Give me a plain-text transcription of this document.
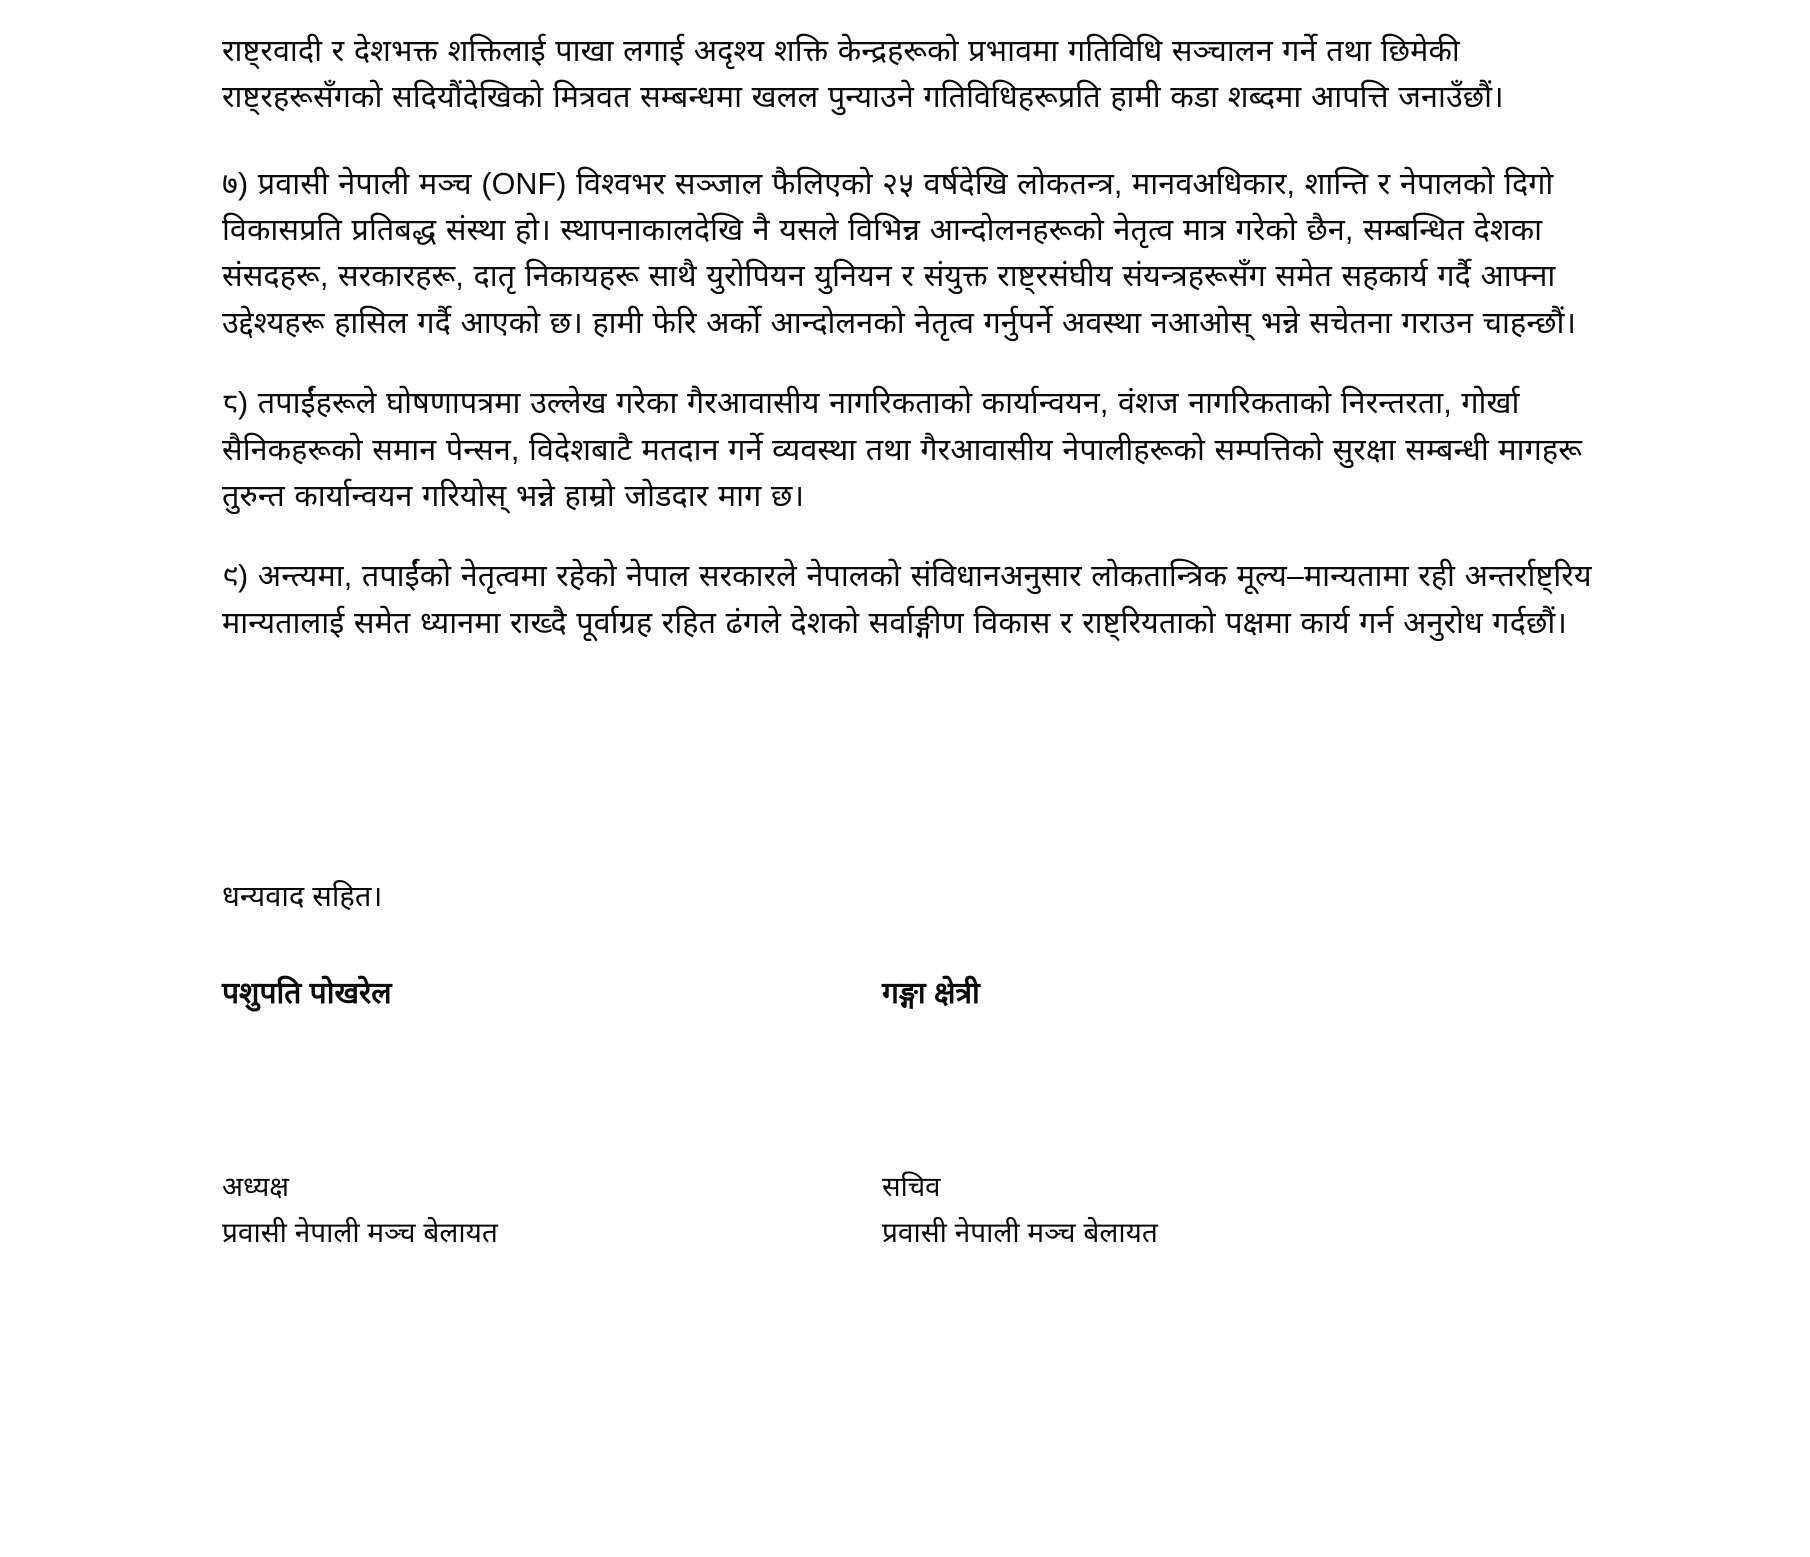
राष्ट्रवादी र देशभक्त शक्तिलाई पाखा लगाई अदृश्य शक्ति केन्द्रहरूको प्रभावमा गतिविधि सञ्चालन गर्ने तथा छिमेकी राष्ट्रहरूसँगको सदियौंदेखिको मित्रवत सम्बन्धमा खलल पुन्याउने गतिविधिहरूप्रति हामी कडा शब्दमा आपत्ति जनाउँछौं।

७) प्रवासी नेपाली मञ्च (ONF) विश्वभर सञ्जाल फैलिएको २५ वर्षदेखि लोकतन्त्र, मानवअधिकार, शान्ति र नेपालको दिगो विकासप्रति प्रतिबद्ध संस्था हो। स्थापनाकालदेखि नै यसले विभिन्न आन्दोलनहरूको नेतृत्व मात्र गरेको छैन, सम्बन्धित देशका संसदहरू, सरकारहरू, दातृ निकायहरू साथै युरोपियन युनियन र संयुक्त राष्ट्रसंघीय संयन्त्रहरूसँग समेत सहकार्य गर्दै आफ्ना उद्देश्यहरू हासिल गर्दै आएको छ। हामी फेरि अर्को आन्दोलनको नेतृत्व गर्नुपर्ने अवस्था नआओस् भन्ने सचेतना गराउन चाहन्छौं।

८) तपाईंहरूले घोषणापत्रमा उल्लेख गरेका गैरआवासीय नागरिकताको कार्यान्वयन, वंशज नागरिकताको निरन्तरता, गोर्खा सैनिकहरूको समान पेन्सन, विदेशबाटै मतदान गर्ने व्यवस्था तथा गैरआवासीय नेपालीहरूको सम्पत्तिको सुरक्षा सम्बन्धी मागहरू तुरुन्त कार्यान्वयन गरियोस् भन्ने हाम्रो जोडदार माग छ।

९) अन्त्यमा, तपाईंको नेतृत्वमा रहेको नेपाल सरकारले नेपालको संविधानअनुसार लोकतान्त्रिक मूल्य–मान्यतामा रही अन्तर्राष्ट्रिय मान्यतालाई समेत ध्यानमा राख्दै पूर्वाग्रह रहित ढंगले देशको सर्वाङ्गीण विकास र राष्ट्रियताको पक्षमा कार्य गर्न अनुरोध गर्दछौं।

धन्यवाद सहित।

पशुपति पोखरेल	गङ्गा क्षेत्री

अध्यक्ष

प्रवासी नेपाली मञ्च बेलायत

सचिव

प्रवासी नेपाली मञ्च बेलायत
